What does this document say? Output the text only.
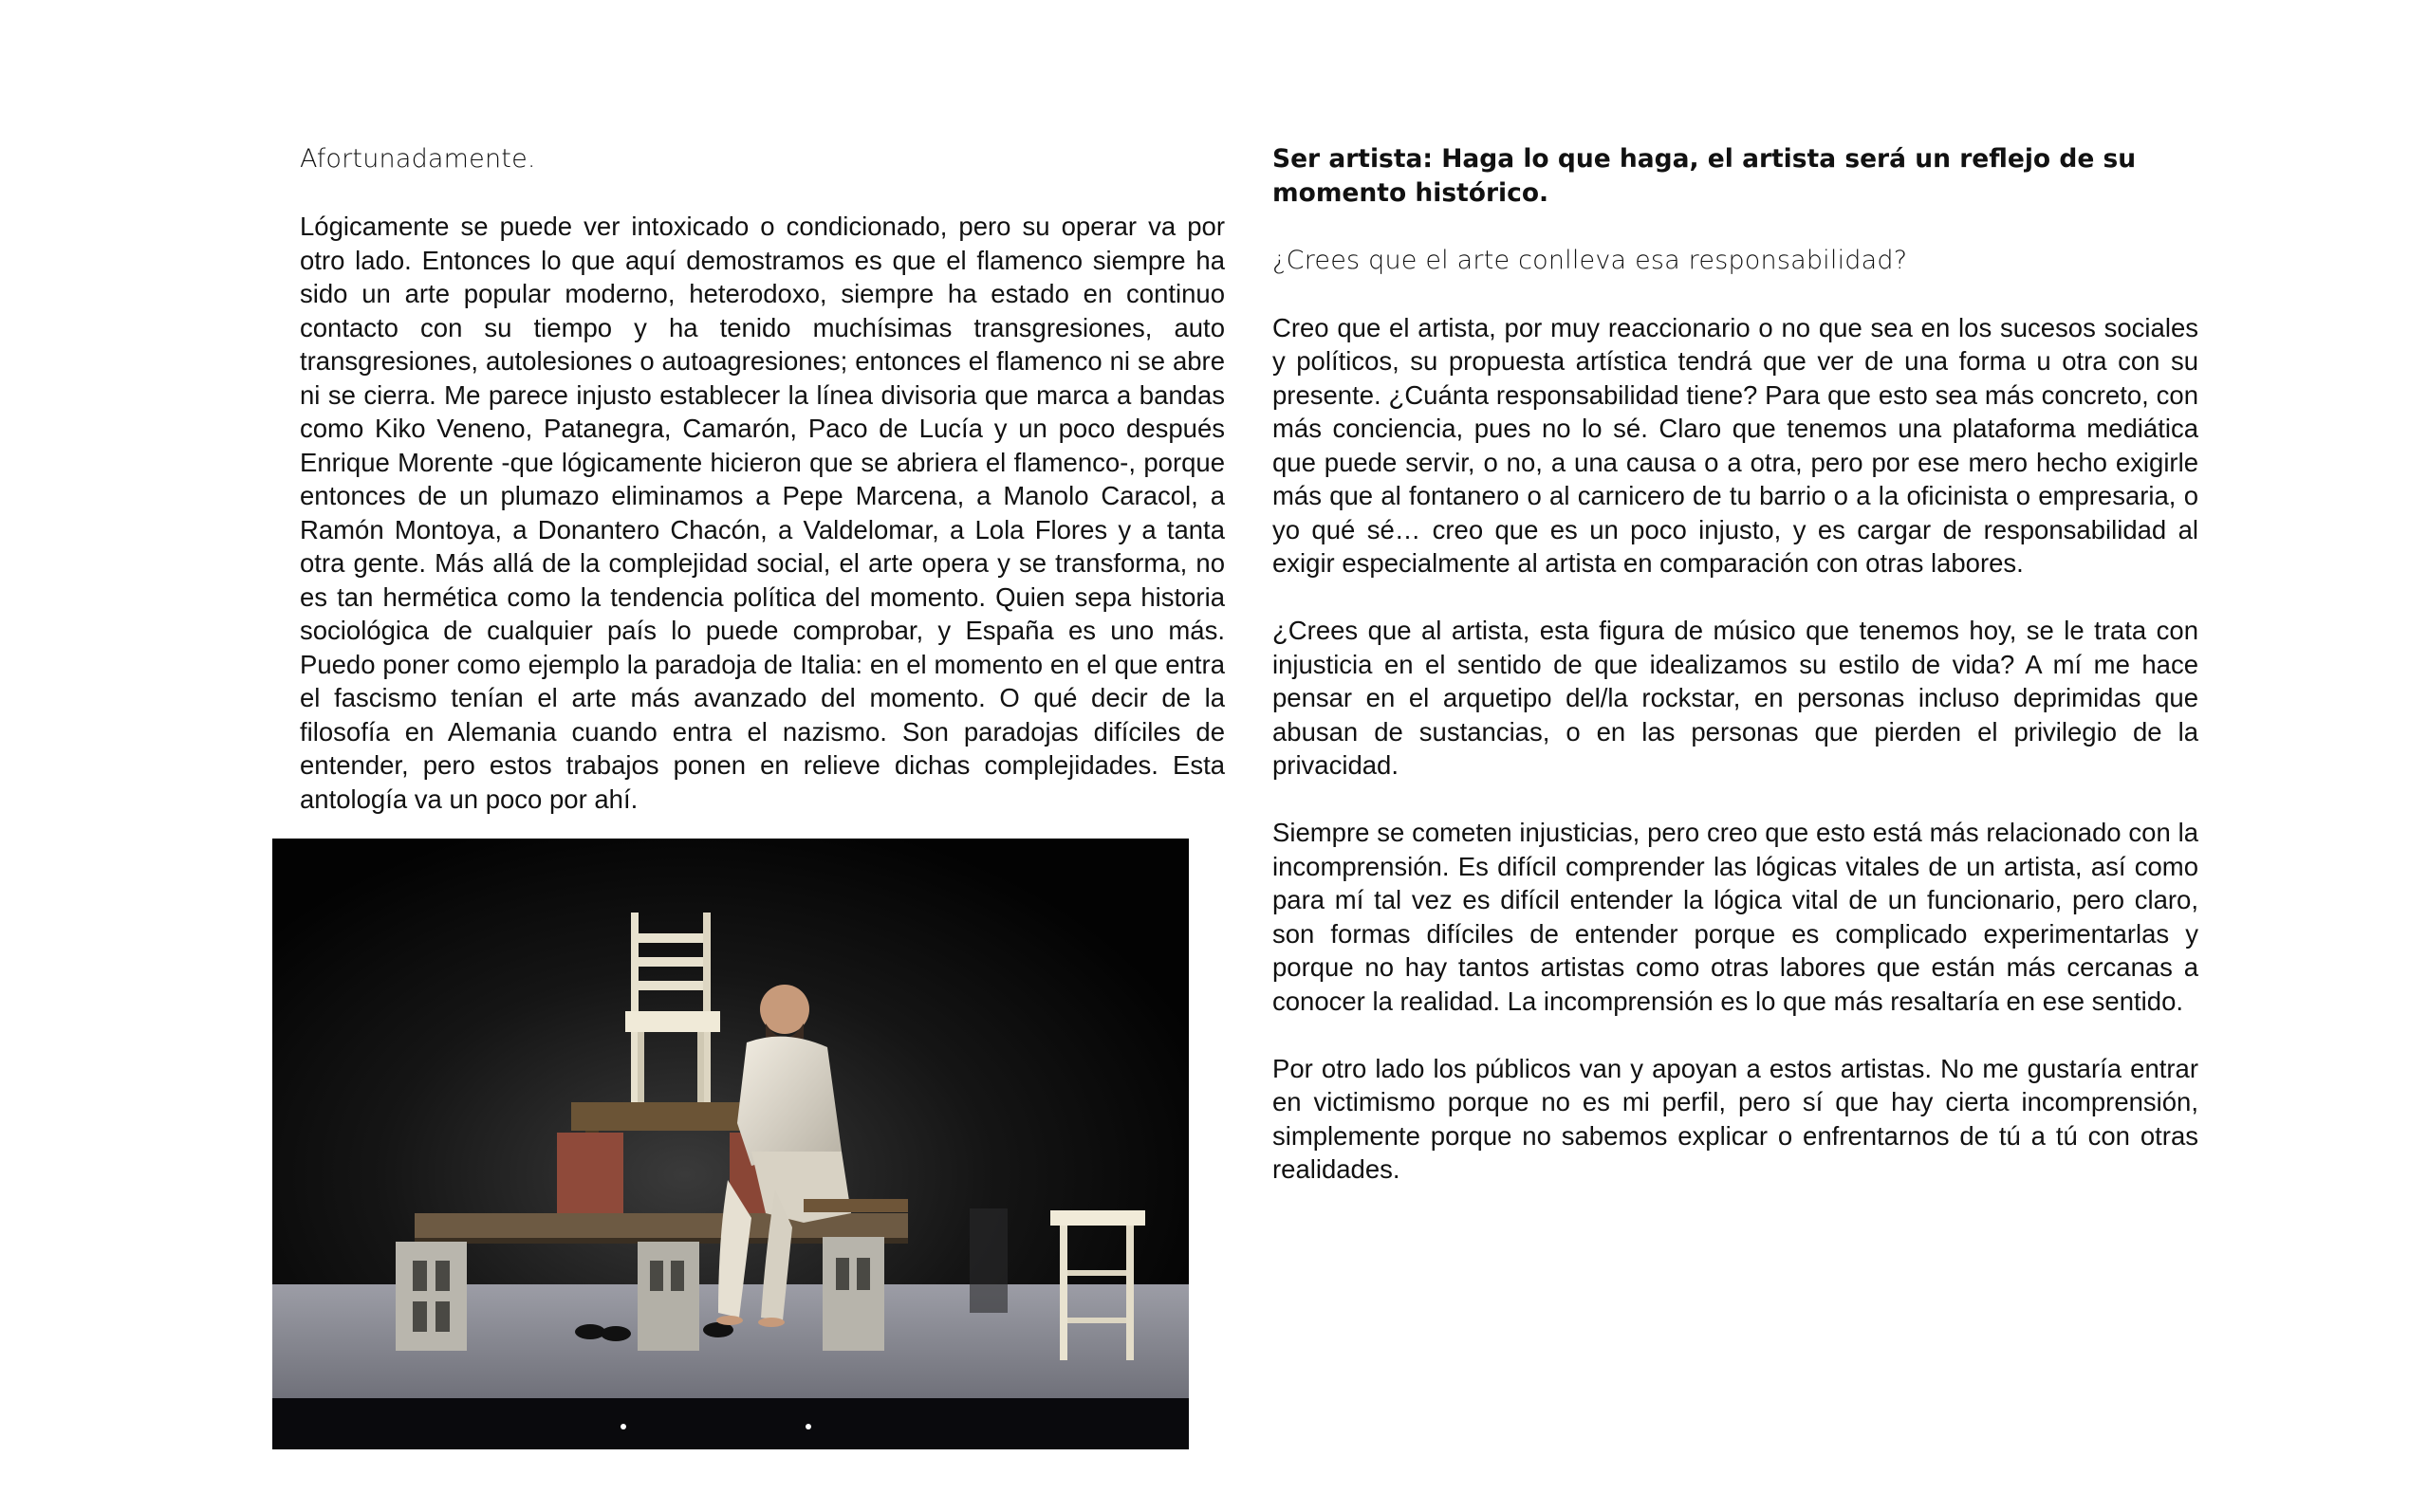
Afortunadamente.

Lógicamente se puede ver intoxicado o condicionado, pero su operar va por otro lado. Entonces lo que aquí demostramos es que el flamenco siempre ha sido un arte popular moderno, heterodoxo, siempre ha estado en continuo contacto con su tiempo y ha tenido muchísimas transgresiones, auto transgresiones, autolesiones o autoagresiones; entonces el flamenco ni se abre ni se cierra. Me parece injusto establecer la línea divisoria que marca a bandas como Kiko Veneno, Patanegra, Camarón, Paco de Lucía y un poco después Enrique Morente -que lógicamente hicieron que se abriera el flamenco-, porque entonces de un plumazo eliminamos a Pepe Marcena, a Manolo Caracol, a Ramón Montoya, a Donantero Chacón, a Valdelomar, a Lola Flores y a tanta otra gente. Más allá de la complejidad social, el arte opera y se transforma, no es tan hermética como la tendencia política del momento. Quien sepa historia sociológica de cualquier país lo puede comprobar, y España es uno más. Puedo poner como ejemplo la paradoja de Italia: en el momento en el que entra el fascismo tenían el arte más avanzado del momento. O qué decir de la filosofía en Alemania cuando entra el nazismo. Son paradojas difíciles de entender, pero estos trabajos ponen en relieve dichas complejidades. Esta antología va un poco por ahí.

Ser artista: Haga lo que haga, el artista será un reflejo de su momento histórico.

¿Crees que el arte conlleva esa responsabilidad?

Creo que el artista, por muy reaccionario o no que sea en los sucesos sociales y políticos, su propuesta artística tendrá que ver de una forma u otra con su presente. ¿Cuánta responsabilidad tiene? Para que esto sea más concreto, con más conciencia, pues no lo sé. Claro que tenemos una plataforma mediática que puede servir, o no, a una causa o a otra, pero por ese mero hecho exigirle más que al fontanero o al carnicero de tu barrio o a la oficinista o empresaria, o yo qué sé… creo que es un poco injusto, y es cargar de responsabilidad al exigir especialmente al artista en comparación con otras labores.

¿Crees que al artista, esta figura de músico que tenemos hoy, se le trata con injusticia en el sentido de que idealizamos su estilo de vida? A mí me hace pensar en el arquetipo del/la rockstar, en personas incluso deprimidas que abusan de sustancias, o en las personas que pierden el privilegio de la privacidad.

Siempre se cometen injusticias, pero creo que esto está más relacionado con la incomprensión. Es difícil comprender las lógicas vitales de un artista, así como para mí tal vez es difícil entender la lógica vital de un funcionario, pero claro, son formas difíciles de entender porque es complicado experimentarlas y porque no hay tantos artistas como otras labores que están más cercanas a conocer la realidad. La incomprensión es lo que más resaltaría en ese sentido.

Por otro lado los públicos van y apoyan a estos artistas. No me gustaría entrar en victimismo porque no es mi perfil, pero sí que hay cierta incomprensión, simplemente porque no sabemos explicar o enfrentarnos de tú a tú con otras realidades.
